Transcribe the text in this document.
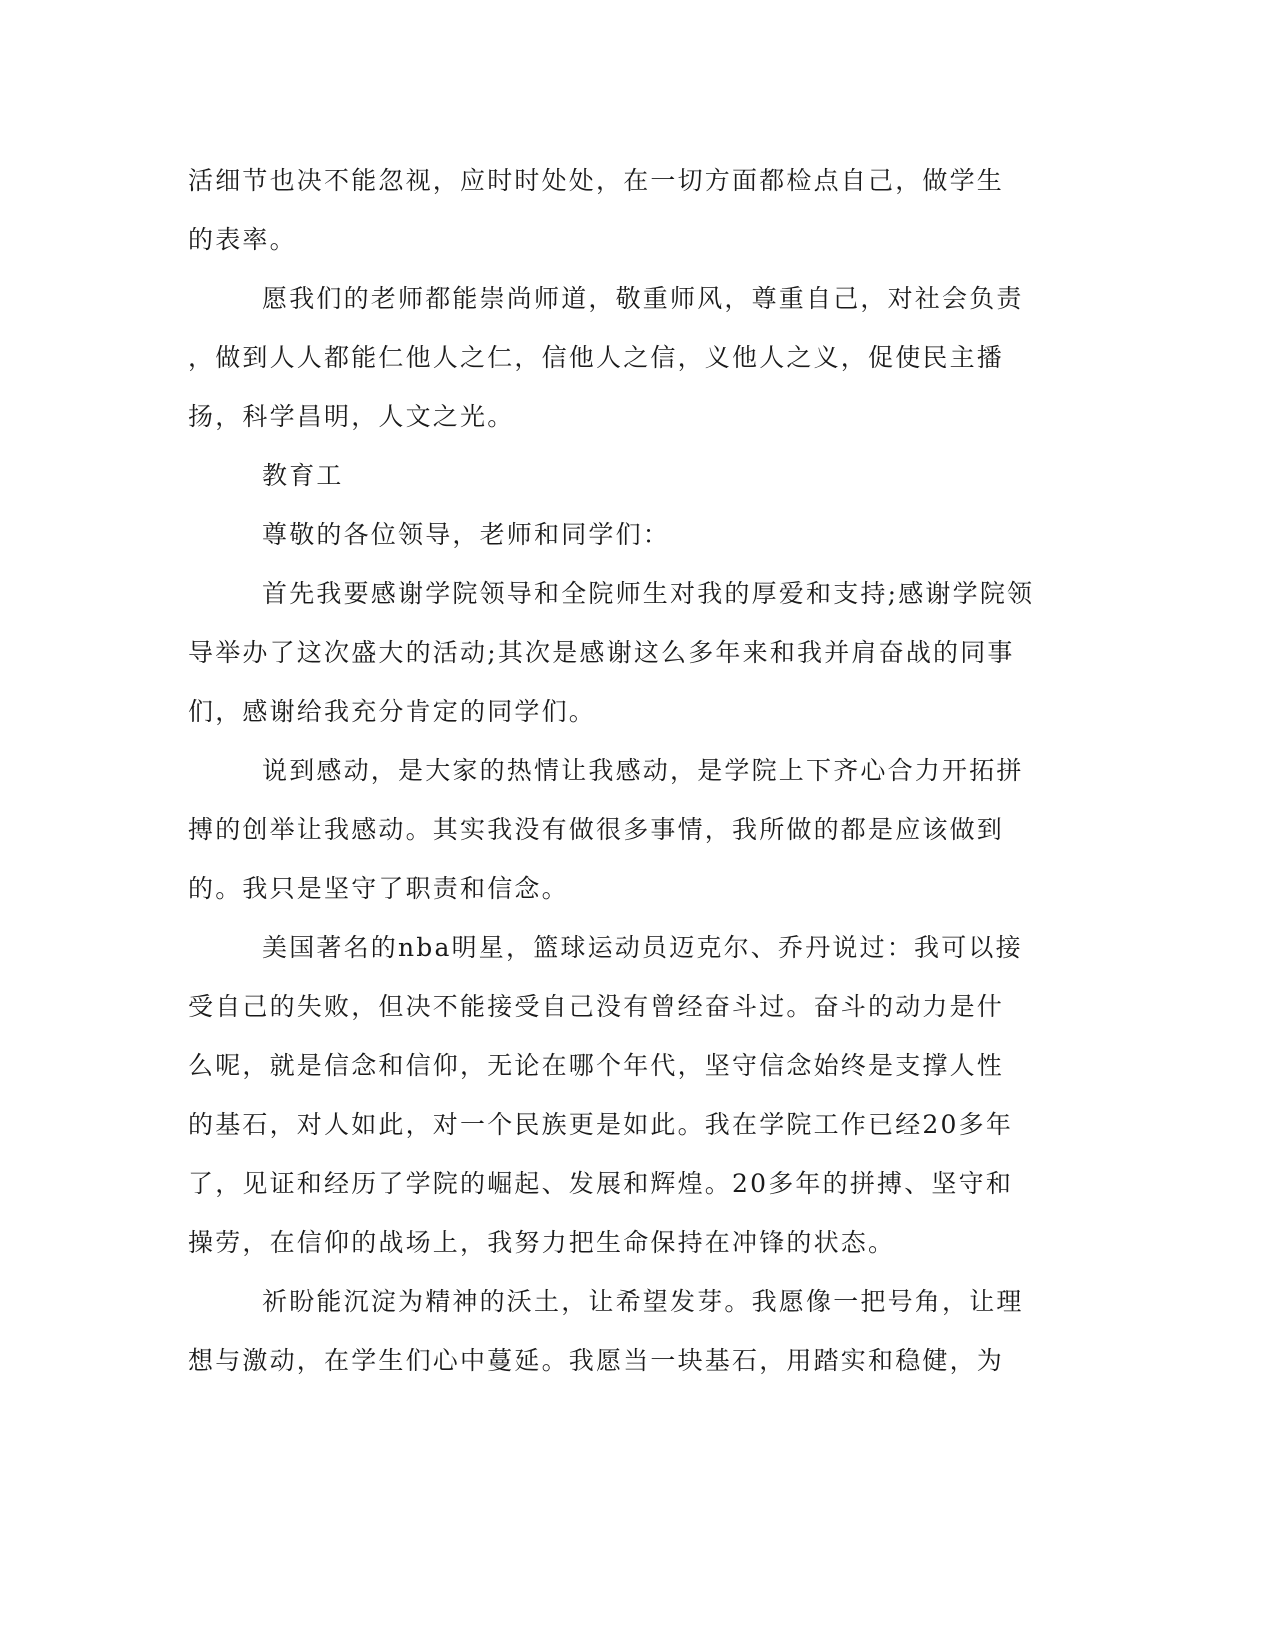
活细节也决不能忽视，应时时处处，在一切方面都检点自己，做学生
的表率。
愿我们的老师都能崇尚师道，敬重师风，尊重自己，对社会负责
，做到人人都能仁他人之仁，信他人之信，义他人之义，促使民主播
扬，科学昌明，人文之光。
教育工
尊敬的各位领导，老师和同学们：
首先我要感谢学院领导和全院师生对我的厚爱和支持;感谢学院领
导举办了这次盛大的活动;其次是感谢这么多年来和我并肩奋战的同事
们，感谢给我充分肯定的同学们。
说到感动，是大家的热情让我感动，是学院上下齐心合力开拓拼
搏的创举让我感动。其实我没有做很多事情，我所做的都是应该做到
的。我只是坚守了职责和信念。
美国著名的nba明星，篮球运动员迈克尔、乔丹说过：我可以接
受自己的失败，但决不能接受自己没有曾经奋斗过。奋斗的动力是什
么呢，就是信念和信仰，无论在哪个年代，坚守信念始终是支撑人性
的基石，对人如此，对一个民族更是如此。我在学院工作已经20多年
了，见证和经历了学院的崛起、发展和辉煌。20多年的拼搏、坚守和
操劳，在信仰的战场上，我努力把生命保持在冲锋的状态。
祈盼能沉淀为精神的沃土，让希望发芽。我愿像一把号角，让理
想与激动，在学生们心中蔓延。我愿当一块基石，用踏实和稳健，为
